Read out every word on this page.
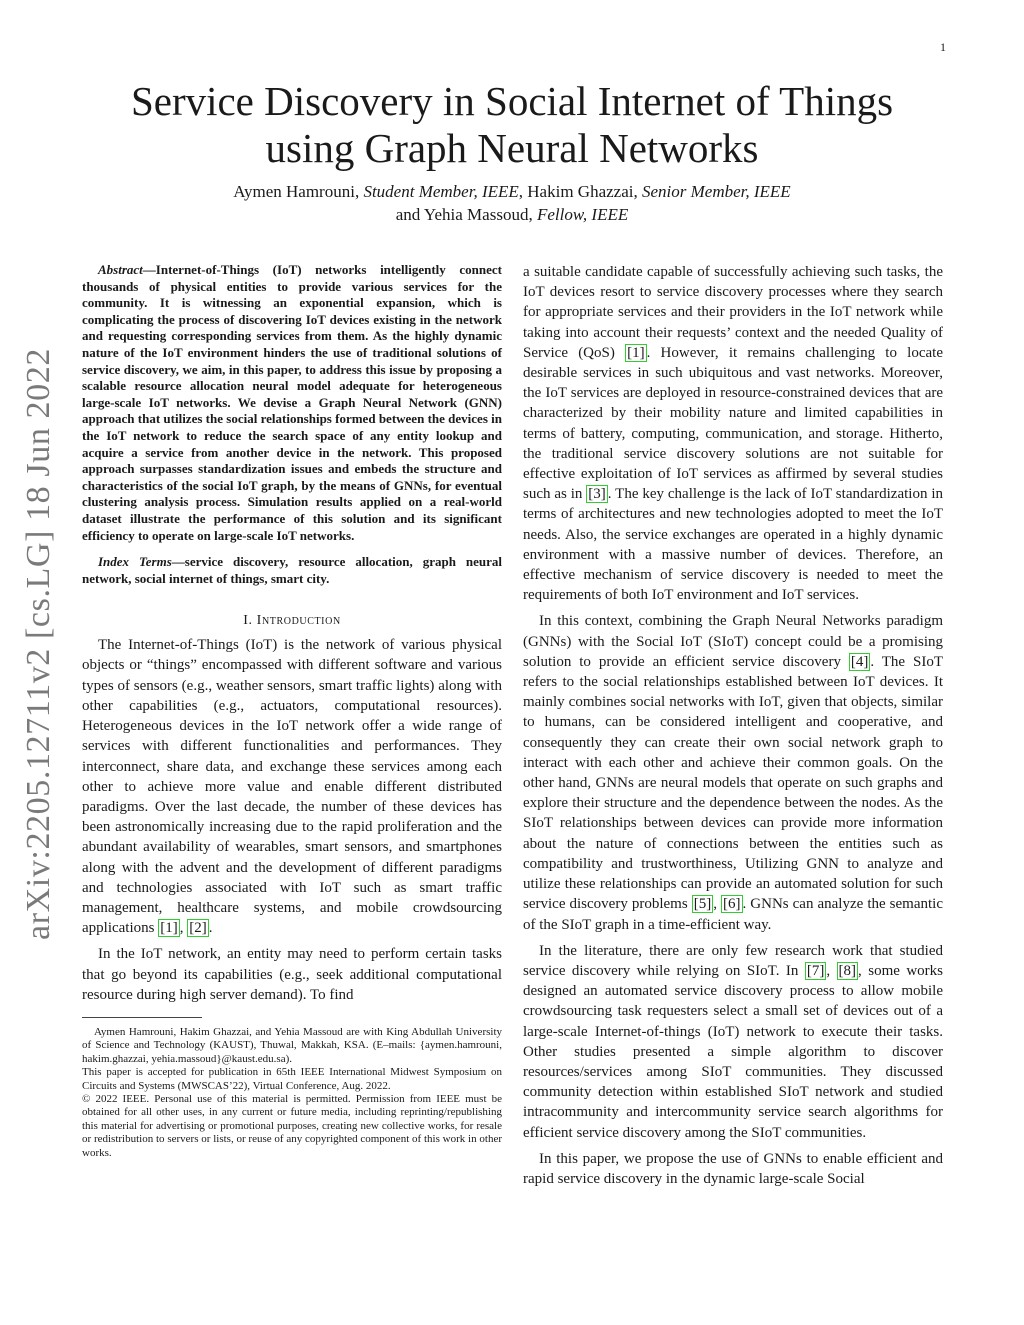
1
arXiv:2205.12711v2 [cs.LG] 18 Jun 2022
Service Discovery in Social Internet of Things
using Graph Neural Networks
Aymen Hamrouni, Student Member, IEEE, Hakim Ghazzai, Senior Member, IEEE
and Yehia Massoud, Fellow, IEEE

Abstract—Internet-of-Things (IoT) networks intelligently connect thousands of physical entities to provide various services for the community. It is witnessing an exponential expansion, which is complicating the process of discovering IoT devices existing in the network and requesting corresponding services from them. As the highly dynamic nature of the IoT environment hinders the use of traditional solutions of service discovery, we aim, in this paper, to address this issue by proposing a scalable resource allocation neural model adequate for heterogeneous large-scale IoT networks. We devise a Graph Neural Network (GNN) approach that utilizes the social relationships formed between the devices in the IoT network to reduce the search space of any entity lookup and acquire a service from another device in the network. This proposed approach surpasses standardization issues and embeds the structure and characteristics of the social IoT graph, by the means of GNNs, for eventual clustering analysis process. Simulation results applied on a real-world dataset illustrate the performance of this solution and its significant efficiency to operate on large-scale IoT networks.

Index Terms—service discovery, resource allocation, graph neural network, social internet of things, smart city.

I. Introduction

The Internet-of-Things (IoT) is the network of various physical objects or “things” encompassed with different software and various types of sensors (e.g., weather sensors, smart traffic lights) along with other capabilities (e.g., actuators, computational resources). Heterogeneous devices in the IoT network offer a wide range of services with different functionalities and performances. They interconnect, share data, and exchange these services among each other to achieve more value and enable different distributed paradigms. Over the last decade, the number of these devices has been astronomically increasing due to the rapid proliferation and the abundant availability of wearables, smart sensors, and smartphones along with the advent and the development of different paradigms and technologies associated with IoT such as smart traffic management, healthcare systems, and mobile crowdsourcing applications [1] , [2] .

In the IoT network, an entity may need to perform certain tasks that go beyond its capabilities (e.g., seek additional computational resource during high server demand). To find

Aymen Hamrouni, Hakim Ghazzai, and Yehia Massoud are with King Abdullah University of Science and Technology (KAUST), Thuwal, Makkah, KSA. (E–mails: {aymen.hamrouni, hakim.ghazzai, yehia.massoud}@kaust.edu.sa).

This paper is accepted for publication in 65th IEEE International Midwest Symposium on Circuits and Systems (MWSCAS’22), Virtual Conference, Aug. 2022.

© 2022 IEEE. Personal use of this material is permitted. Permission from IEEE must be obtained for all other uses, in any current or future media, including reprinting/republishing this material for advertising or promotional purposes, creating new collective works, for resale or redistribution to servers or lists, or reuse of any copyrighted component of this work in other works.

a suitable candidate capable of successfully achieving such tasks, the IoT devices resort to service discovery processes where they search for appropriate services and their providers in the IoT network while taking into account their requests’ context and the needed Quality of Service (QoS) [1] . However, it remains challenging to locate desirable services in such ubiquitous and vast networks. Moreover, the IoT services are deployed in resource-constrained devices that are characterized by their mobility nature and limited capabilities in terms of battery, computing, communication, and storage. Hitherto, the traditional service discovery solutions are not suitable for effective exploitation of IoT services as affirmed by several studies such as in [3] . The key challenge is the lack of IoT standardization in terms of architectures and new technologies adopted to meet the IoT needs. Also, the service exchanges are operated in a highly dynamic environment with a massive number of devices. Therefore, an effective mechanism of service discovery is needed to meet the requirements of both IoT environment and IoT services.

In this context, combining the Graph Neural Networks paradigm (GNNs) with the Social IoT (SIoT) concept could be a promising solution to provide an efficient service discovery [4] . The SIoT refers to the social relationships established between IoT devices. It mainly combines social networks with IoT, given that objects, similar to humans, can be considered intelligent and cooperative, and consequently they can create their own social network graph to interact with each other and achieve their common goals. On the other hand, GNNs are neural models that operate on such graphs and explore their structure and the dependence between the nodes. As the SIoT relationships between devices can provide more information about the nature of connections between the entities such as compatibility and trustworthiness, Utilizing GNN to analyze and utilize these relationships can provide an automated solution for such service discovery problems [5] , [6] . GNNs can analyze the semantic of the SIoT graph in a time-efficient way.

In the literature, there are only few research work that studied service discovery while relying on SIoT. In [7] , [8] , some works designed an automated service discovery process to allow mobile crowdsourcing task requesters select a small set of devices out of a large-scale Internet-of-things (IoT) network to execute their tasks. Other studies presented a simple algorithm to discover resources/services among SIoT communities. They discussed community detection within established SIoT network and studied intracommunity and intercommunity service search algorithms for efficient service discovery among the SIoT communities.

In this paper, we propose the use of GNNs to enable efficient and rapid service discovery in the dynamic large-scale Social
